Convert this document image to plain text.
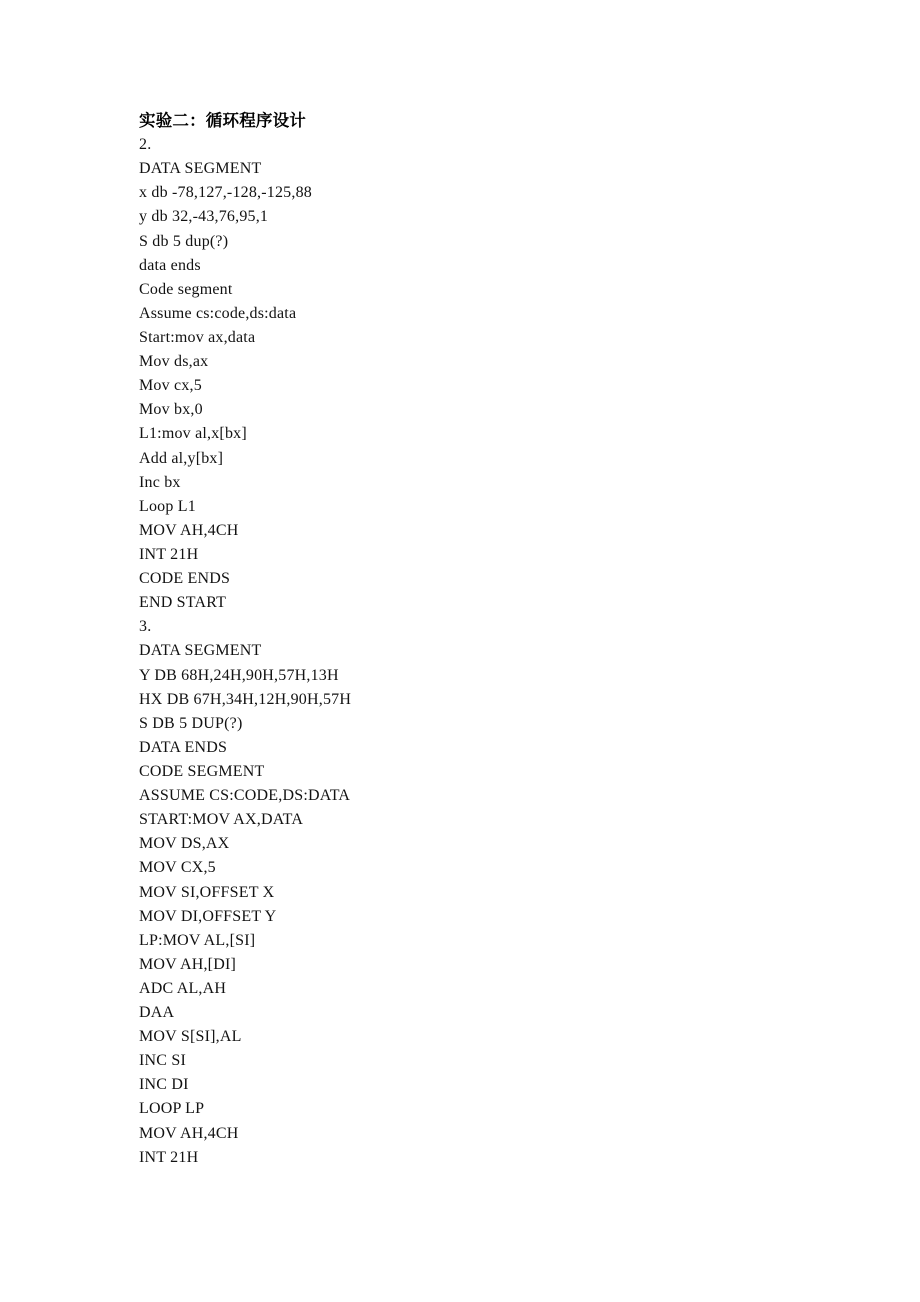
实验二：循环程序设计
2.
DATA SEGMENT
x db -78,127,-128,-125,88
y db 32,-43,76,95,1
S db 5 dup(?)
data ends
Code segment
Assume cs:code,ds:data
Start:mov ax,data
Mov ds,ax
Mov cx,5
Mov bx,0
L1:mov al,x[bx]
Add al,y[bx]
Inc bx
Loop L1
MOV AH,4CH
INT 21H
CODE ENDS
END START
3.
DATA SEGMENT
Y DB 68H,24H,90H,57H,13H
HX DB 67H,34H,12H,90H,57H
S DB 5 DUP(?)
DATA ENDS
CODE SEGMENT
ASSUME CS:CODE,DS:DATA
START:MOV AX,DATA
MOV DS,AX
MOV CX,5
MOV SI,OFFSET X
MOV DI,OFFSET Y
LP:MOV AL,[SI]
MOV AH,[DI]
ADC AL,AH
DAA
MOV S[SI],AL
INC SI
INC DI
LOOP LP
MOV AH,4CH
INT 21H
